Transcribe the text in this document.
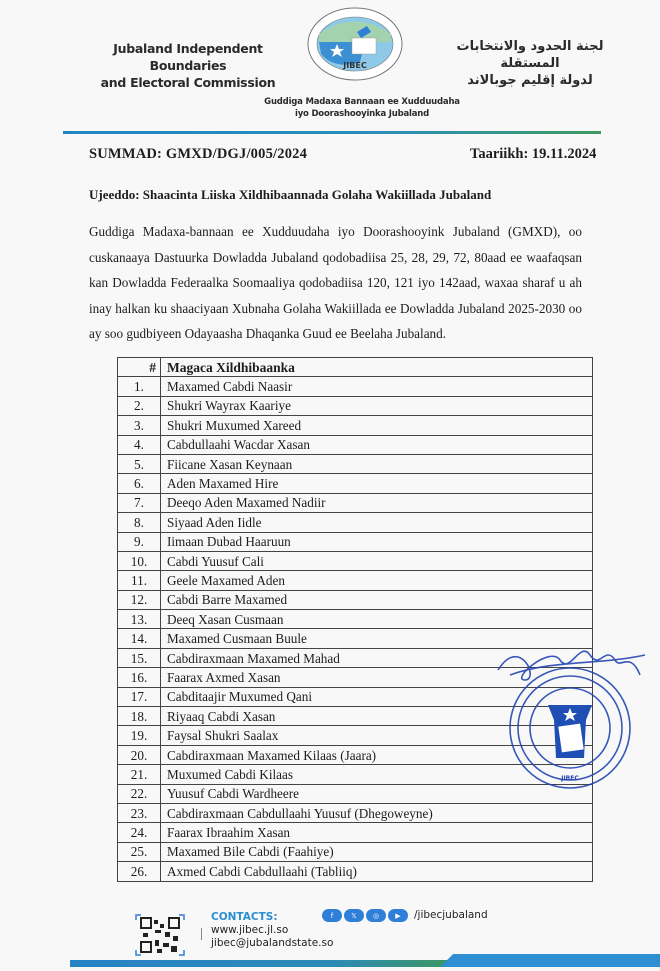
Jubaland Independent Boundaries
and Electoral Commission
JIBEC
لجنة الحدود والانتخابات المستقلة
لدولة إقليم جوبالاند
Guddiga Madaxa Bannaan ee Xudduudaha
iyo Doorashooyinka Jubaland
SUMMAD: GMXD/DGJ/005/2024	Taariikh: 19.11.2024
Ujeeddo: Shaacinta Liiska Xildhibaannada Golaha Wakiillada Jubaland
Guddiga Madaxa-bannaan ee Xudduudaha iyo Doorashooyink Jubaland (GMXD), oo cuskanaaya Dastuurka Dowladda Jubaland qodobadiisa 25, 28, 29, 72, 80aad ee waafaqsan kan Dowladda Federaalka Soomaaliya qodobadiisa 120, 121 iyo 142aad, waxaa sharaf u ah inay halkan ku shaaciyaan Xubnaha Golaha Wakiillada ee Dowladda Jubaland 2025-2030 oo ay soo gudbiyeen Odayaasha Dhaqanka Guud ee Beelaha Jubaland.
#	Magaca Xildhibaanka
1.	Maxamed Cabdi Naasir
2.	Shukri Wayrax Kaariye
3.	Shukri Muxumed Xareed
4.	Cabdullaahi Wacdar Xasan
5.	Fiicane Xasan Keynaan
6.	Aden Maxamed Hire
7.	Deeqo Aden Maxamed Nadiir
8.	Siyaad Aden Iidle
9.	Iimaan Dubad Haaruun
10.	Cabdi Yuusuf Cali
11.	Geele Maxamed Aden
12.	Cabdi Barre Maxamed
13.	Deeq Xasan Cusmaan
14.	Maxamed Cusmaan Buule
15.	Cabdiraxmaan Maxamed Mahad
16.	Faarax Axmed Xasan
17.	Cabditaajir Muxumed Qani
18.	Riyaaq Cabdi Xasan
19.	Faysal Shukri Saalax
20.	Cabdiraxmaan Maxamed Kilaas (Jaara)
21.	Muxumed Cabdi Kilaas
22.	Yuusuf Cabdi Wardheere
23.	Cabdiraxmaan Cabdullaahi Yuusuf (Dhegoweyne)
24.	Faarax Ibraahim Xasan
25.	Maxamed Bile Cabdi (Faahiye)
26.	Axmed Cabdi Cabdullaahi (Tabliiq)
JIBEC
CONTACTS:
www.jibec.jl.so
jibec@jubalandstate.so
f	𝕏	◎	▶	/jibecjubaland
